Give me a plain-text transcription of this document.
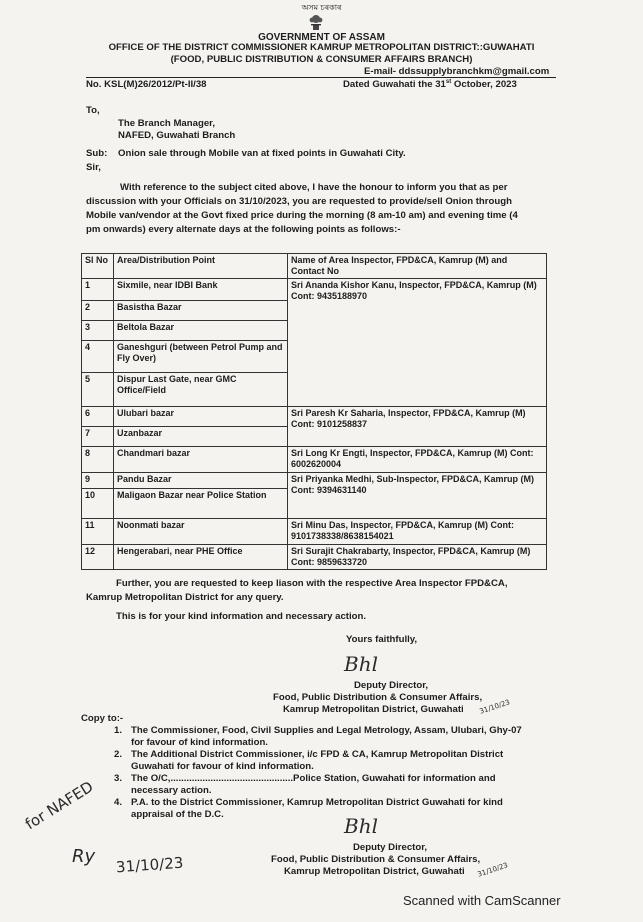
অসম চৰকাৰ
GOVERNMENT OF ASSAM
OFFICE OF THE DISTRICT COMMISSIONER KAMRUP METROPOLITAN DISTRICT::GUWAHATI
(FOOD, PUBLIC DISTRIBUTION & CONSUMER AFFAIRS BRANCH)
E-mail- ddssupplybranchkm@gmail.com
No. KSL(M)26/2012/Pt-II/38	Dated Guwahati the 31st October, 2023
To,
The Branch Manager,
NAFED, Guwahati Branch
Sub: Onion sale through Mobile van at fixed points in Guwahati City.
Sir,
With reference to the subject cited above, I have the honour to inform you that as per
discussion with your Officials on 31/10/2023, you are requested to provide/sell Onion through
Mobile van/vendor at the Govt fixed price during the morning (8 am-10 am) and evening time (4
pm onwards) every alternate days at the following points as follows:-
Sl No	Area/Distribution Point	Name of Area Inspector, FPD&CA, Kamrup (M) and Contact No
1	Sixmile, near IDBI Bank	Sri Ananda Kishor Kanu, Inspector, FPD&CA, Kamrup (M) Cont: 9435188970
2	Basistha Bazar	
3	Beltola Bazar	
4	Ganeshguri (between Petrol Pump and Fly Over)	
5	Dispur Last Gate, near GMC Office/Field	
6	Ulubari bazar	Sri Paresh Kr Saharia, Inspector, FPD&CA, Kamrup (M) Cont: 9101258837
7	Uzanbazar	
8	Chandmari bazar	Sri Long Kr Engti, Inspector, FPD&CA, Kamrup (M) Cont: 6002620004
9	Pandu Bazar	Sri Priyanka Medhi, Sub-Inspector, FPD&CA, Kamrup (M) Cont: 9394631140
10	Maligaon Bazar near Police Station	
11	Noonmati bazar	Sri Minu Das, Inspector, FPD&CA, Kamrup (M) Cont: 9101738338/8638154021
12	Hengerabari, near PHE Office	Sri Surajit Chakrabarty, Inspector, FPD&CA, Kamrup (M) Cont: 9859633720
Further, you are requested to keep liason with the respective Area Inspector FPD&CA,
Kamrup Metropolitan District for any query.
This is for your kind information and necessary action.
Yours faithfully,
Bhl
Deputy Director,
Food, Public Distribution & Consumer Affairs,
Kamrup Metropolitan District, Guwahati 31/10/23
Copy to:-
1. The Commissioner, Food, Civil Supplies and Legal Metrology, Assam, Ulubari, Ghy-07
for favour of kind information.
2. The Additional District Commissioner, i/c FPD & CA, Kamrup Metropolitan District
Guwahati for favour of kind information.
3. The O/C,..............................................Police Station, Guwahati for information and
necessary action.
4. P.A. to the District Commissioner, Kamrup Metropolitan District Guwahati for kind
appraisal of the D.C.	Bhl
Deputy Director,
Food, Public Distribution & Consumer Affairs,
Kamrup Metropolitan District, Guwahati 31/10/23
for NAFED
Ry 31/10/23
Scanned with CamScanner
